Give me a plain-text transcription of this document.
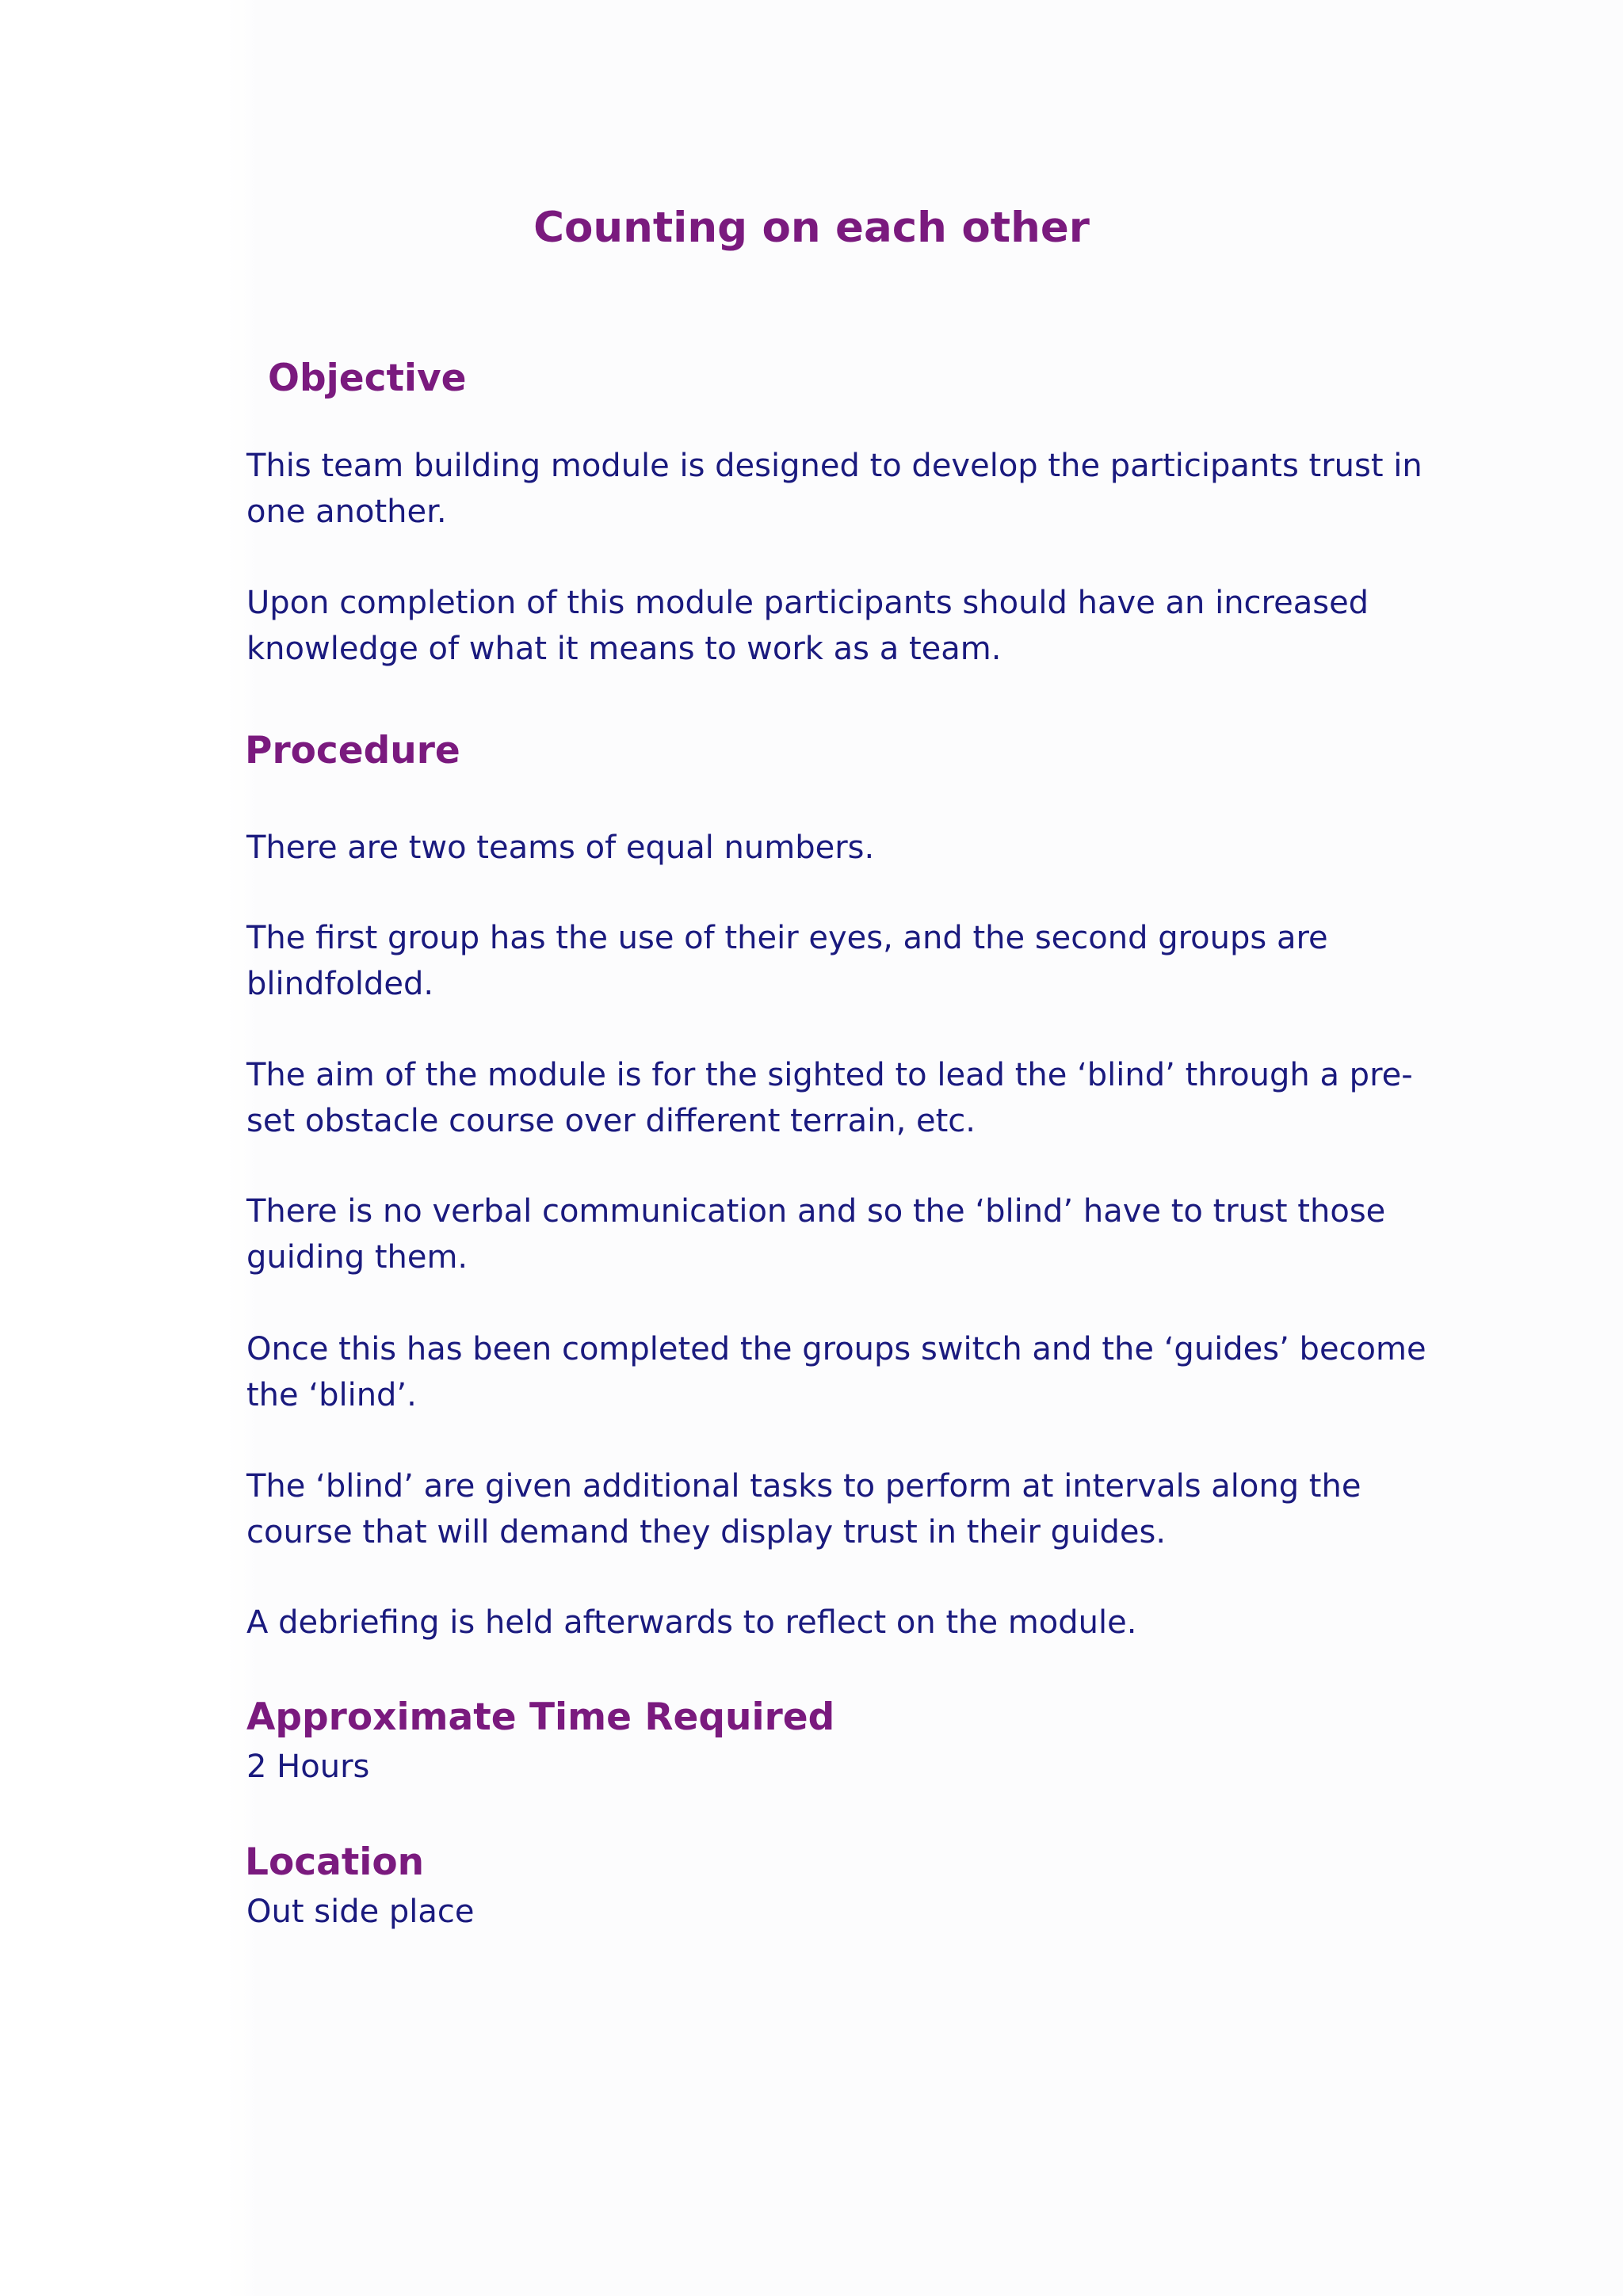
Counting on each other
Objective

This team building module is designed to develop the participants trust in one another.

Upon completion of this module participants should have an increased knowledge of what it means to work as a team.

Procedure

There are two teams of equal numbers.

The first group has the use of their eyes, and the second groups are blindfolded.

The aim of the module is for the sighted to lead the ‘blind’ through a pre-set obstacle course over different terrain, etc.

There is no verbal communication and so the ‘blind’ have to trust those guiding them.

Once this has been completed the groups switch and the ‘guides’ become the ‘blind’.

The ‘blind’ are given additional tasks to perform at intervals along the course that will demand they display trust in their guides.

A debriefing is held afterwards to reflect on the module.

Approximate Time Required

2 Hours

Location

Out side place
